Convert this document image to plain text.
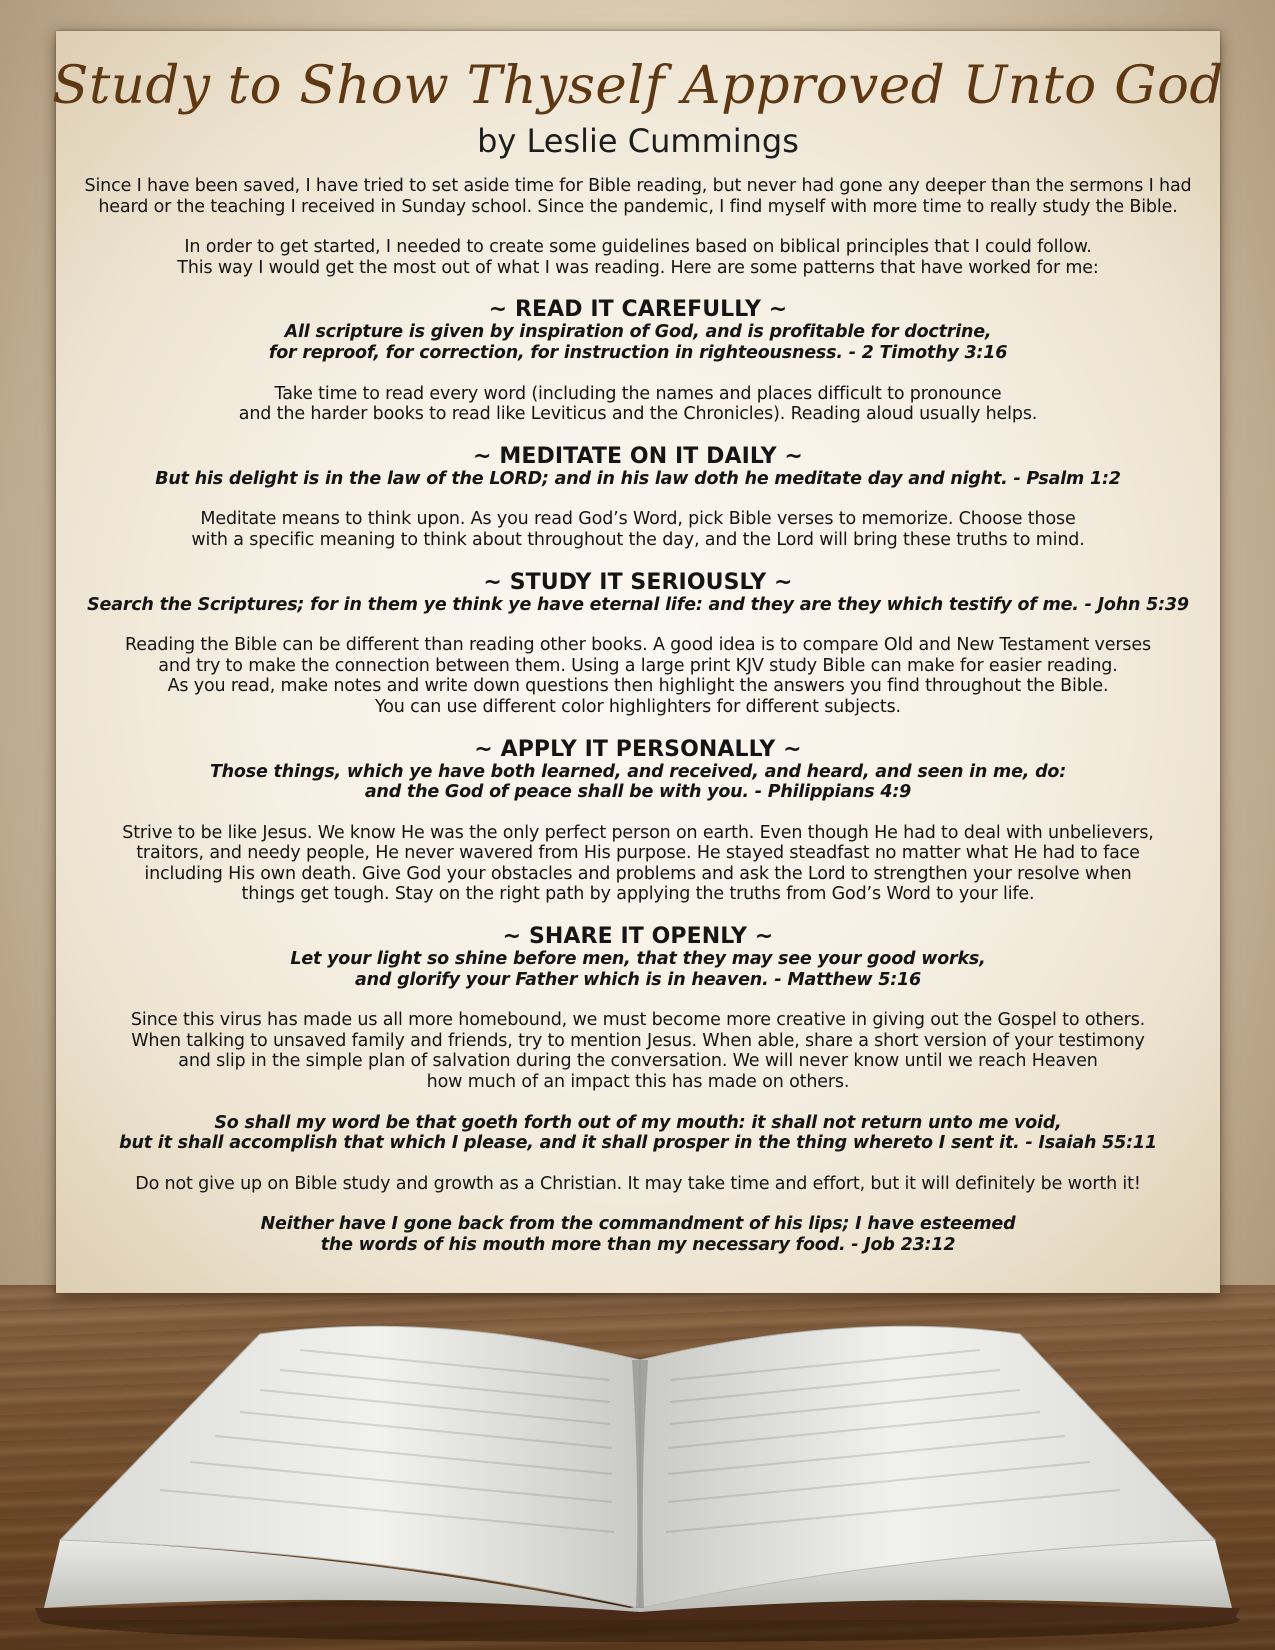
Study to Show Thyself Approved Unto God
by Leslie Cummings

Since I have been saved, I have tried to set aside time for Bible reading, but never had gone any deeper than the sermons I had
heard or the teaching I received in Sunday school. Since the pandemic, I find myself with more time to really study the Bible.

In order to get started, I needed to create some guidelines based on biblical principles that I could follow.
This way I would get the most out of what I was reading. Here are some patterns that have worked for me:

~ READ IT CAREFULLY ~

All scripture is given by inspiration of God, and is profitable for doctrine,
for reproof, for correction, for instruction in righteousness. - 2 Timothy 3:16

Take time to read every word (including the names and places difficult to pronounce
and the harder books to read like Leviticus and the Chronicles). Reading aloud usually helps.

~ MEDITATE ON IT DAILY ~

But his delight is in the law of the LORD; and in his law doth he meditate day and night. - Psalm 1:2

Meditate means to think upon. As you read God’s Word, pick Bible verses to memorize. Choose those
with a specific meaning to think about throughout the day, and the Lord will bring these truths to mind.

~ STUDY IT SERIOUSLY ~

Search the Scriptures; for in them ye think ye have eternal life: and they are they which testify of me. - John 5:39

Reading the Bible can be different than reading other books. A good idea is to compare Old and New Testament verses
and try to make the connection between them. Using a large print KJV study Bible can make for easier reading.
As you read, make notes and write down questions then highlight the answers you find throughout the Bible.
You can use different color highlighters for different subjects.

~ APPLY IT PERSONALLY ~

Those things, which ye have both learned, and received, and heard, and seen in me, do:
and the God of peace shall be with you. - Philippians 4:9

Strive to be like Jesus. We know He was the only perfect person on earth. Even though He had to deal with unbelievers,
traitors, and needy people, He never wavered from His purpose. He stayed steadfast no matter what He had to face
including His own death. Give God your obstacles and problems and ask the Lord to strengthen your resolve when
things get tough. Stay on the right path by applying the truths from God’s Word to your life.

~ SHARE IT OPENLY ~

Let your light so shine before men, that they may see your good works,
and glorify your Father which is in heaven. - Matthew 5:16

Since this virus has made us all more homebound, we must become more creative in giving out the Gospel to others.
When talking to unsaved family and friends, try to mention Jesus. When able, share a short version of your testimony
and slip in the simple plan of salvation during the conversation. We will never know until we reach Heaven
how much of an impact this has made on others.

So shall my word be that goeth forth out of my mouth: it shall not return unto me void,
but it shall accomplish that which I please, and it shall prosper in the thing whereto I sent it. - Isaiah 55:11

Do not give up on Bible study and growth as a Christian. It may take time and effort, but it will definitely be worth it!

Neither have I gone back from the commandment of his lips; I have esteemed
the words of his mouth more than my necessary food. - Job 23:12
